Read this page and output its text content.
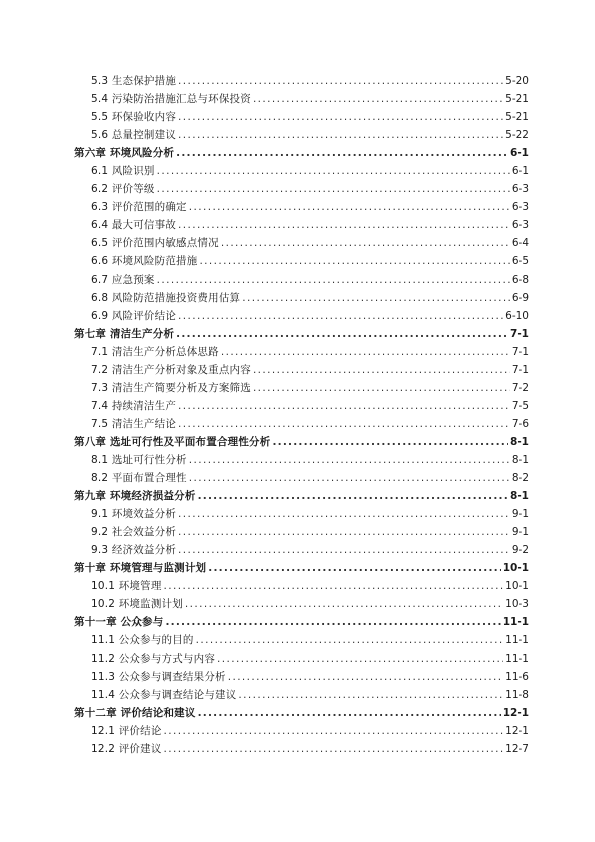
5.3 生态保护措施 .....	5-20
5.4 污染防治措施汇总与环保投资 .....	5-21
5.5 环保验收内容 .....	5-21
5.6 总量控制建议 .....	5-22
第六章 环境风险分析 .....	6-1
6.1 风险识别 .....	6-1
6.2 评价等级 .....	6-3
6.3 评价范围的确定 .....	6-3
6.4 最大可信事故 .....	6-3
6.5 评价范围内敏感点情况 .....	6-4
6.6 环境风险防范措施 .....	6-5
6.7 应急预案 .....	6-8
6.8 风险防范措施投资费用估算 .....	6-9
6.9 风险评价结论 .....	6-10
第七章 清洁生产分析 .....	7-1
7.1 清洁生产分析总体思路 .....	7-1
7.2 清洁生产分析对象及重点内容 .....	7-1
7.3 清洁生产简要分析及方案筛选 .....	7-2
7.4 持续清洁生产 .....	7-5
7.5 清洁生产结论 .....	7-6
第八章 选址可行性及平面布置合理性分析 .....	8-1
8.1 选址可行性分析 .....	8-1
8.2 平面布置合理性 .....	8-2
第九章 环境经济损益分析 .....	8-1
9.1 环境效益分析 .....	9-1
9.2 社会效益分析 .....	9-1
9.3 经济效益分析 .....	9-2
第十章 环境管理与监测计划 .....	10-1
10.1 环境管理 .....	10-1
10.2 环境监测计划 .....	10-3
第十一章 公众参与 .....	11-1
11.1 公众参与的目的 .....	11-1
11.2 公众参与方式与内容 .....	11-1
11.3 公众参与调查结果分析 .....	11-6
11.4 公众参与调查结论与建议 .....	11-8
第十二章 评价结论和建议 .....	12-1
12.1 评价结论 .....	12-1
12.2 评价建议 .....	12-7
